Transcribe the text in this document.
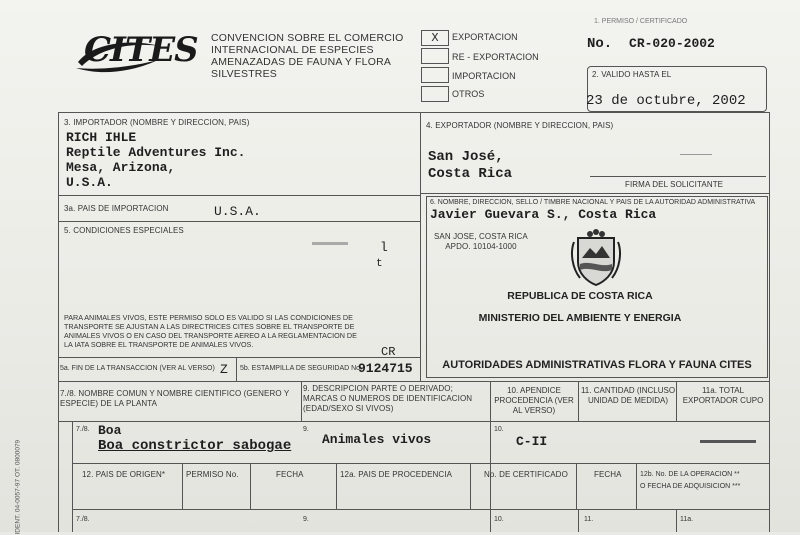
CITES CONVENCION SOBRE EL COMERCIO
INTERNACIONAL DE ESPECIES
AMENAZADAS DE FAUNA Y FLORA
SILVESTRES
X	EXPORTACION
RE - EXPORTACION
IMPORTACION
OTROS
1. PERMISO / CERTIFICADO
No. CR-020-2002
2. VALIDO HASTA EL
23 de octubre, 2002
3. IMPORTADOR (NOMBRE Y DIRECCION, PAIS)
RICH IHLE
Reptile Adventures Inc.
Mesa, Arizona,
U.S.A.
4. EXPORTADOR (NOMBRE Y DIRECCION, PAIS)
San José,
Costa Rica
FIRMA DEL SOLICITANTE
3a. PAIS DE IMPORTACION	U.S.A.
5. CONDICIONES ESPECIALES
l
t
PARA ANIMALES VIVOS, ESTE PERMISO SOLO ES VALIDO SI LAS CONDICIONES DE
TRANSPORTE SE AJUSTAN A LAS DIRECTRICES CITES SOBRE EL TRANSPORTE DE
ANIMALES VIVOS O EN CASO DEL TRANSPORTE AEREO A LA REGLAMENTACION DE
LA IATA SOBRE EL TRANSPORTE DE ANIMALES VIVOS.
6. NOMBRE, DIRECCION, SELLO / TIMBRE NACIONAL Y PAIS DE LA AUTORIDAD ADMINISTRATIVA
Javier Guevara S., Costa Rica
SAN JOSE, COSTA RICA
APDO. 10104-1000
REPUBLICA DE COSTA RICA
MINISTERIO DEL AMBIENTE Y ENERGIA
AUTORIDADES ADMINISTRATIVAS FLORA Y FAUNA CITES
5a. FIN DE LA TRANSACCION (VER AL VERSO) Z 5b. ESTAMPILLA DE SEGURIDAD No.
CR
9124715
7./8. NOMBRE COMUN Y NOMBRE CIENTIFICO (GENERO Y ESPECIE) DE LA PLANTA
9. DESCRIPCION PARTE O DERIVADO; MARCAS O NUMEROS DE IDENTIFICACION (EDAD/SEXO SI VIVOS)
10. APENDICE PROCEDENCIA (VER AL VERSO)
11. CANTIDAD (INCLUSO UNIDAD DE MEDIDA)
11a. TOTAL EXPORTADOR CUPO
7./8. Boa
Boa constrictor sabogae
9.
Animales vivos
10.
C-II
12. PAIS DE ORIGEN*	PERMISO No.	FECHA	12a. PAIS DE PROCEDENCIA	No. DE CERTIFICADO	FECHA	12b. No. DE LA OPERACION **
O FECHA DE ADQUISICION ***
7./8.	9.	10.	11.	11a.
IDENT. 04-0057-97 OT. 0800079
